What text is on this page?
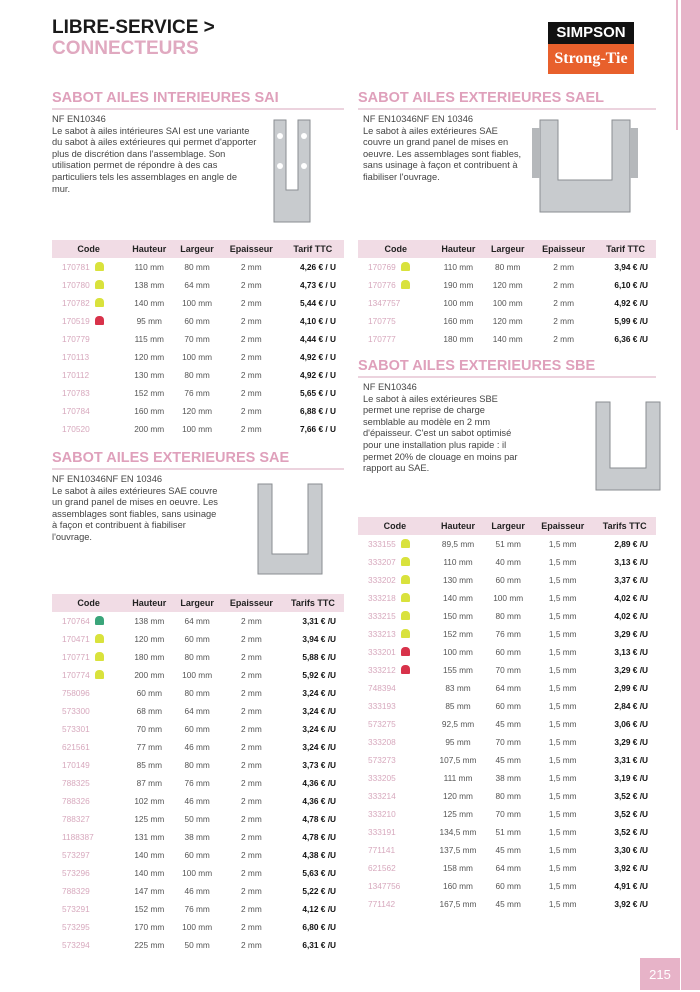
215
LIBRE-SERVICE >
CONNECTEURS
SIMPSON
Strong-Tie
SABOT AILES INTERIEURES SAI
NF EN10346
Le sabot à ailes intérieures SAI est une variante du sabot à ailes extérieures qui permet d'apporter plus de discrétion dans l'assemblage. Son utilisation permet de répondre à des cas particuliers tels les assemblages en angle de mur.
Code	Hauteur	Largeur	Epaisseur	Tarif TTC
170781	110 mm	80 mm	2 mm	4,26 € / U
170780	138 mm	64 mm	2 mm	4,73 € / U
170782	140 mm	100 mm	2 mm	5,44 € / U
170519	95 mm	60 mm	2 mm	4,10 € / U
170779	115 mm	70 mm	2 mm	4,44 € / U
170113	120 mm	100 mm	2 mm	4,92 € / U
170112	130 mm	80 mm	2 mm	4,92 € / U
170783	152 mm	76 mm	2 mm	5,65 € / U
170784	160 mm	120 mm	2 mm	6,88 € / U
170520	200 mm	100 mm	2 mm	7,66 € / U
SABOT AILES EXTERIEURES SAEL
NF EN10346NF EN 10346
Le sabot à ailes extérieures SAE couvre un grand panel de mises en oeuvre. Les assemblages sont fiables, sans usinage à façon et contribuent à fiabiliser l'ouvrage.
Code	Hauteur	Largeur	Epaisseur	Tarif TTC
170769	110 mm	80 mm	2 mm	3,94 € /U
170776	190 mm	120 mm	2 mm	6,10 € /U
1347757	100 mm	100 mm	2 mm	4,92 € /U
170775	160 mm	120 mm	2 mm	5,99 € /U
170777	180 mm	140 mm	2 mm	6,36 € /U
SABOT AILES EXTERIEURES SAE
NF EN10346NF EN 10346
Le sabot à ailes extérieures SAE couvre un grand panel de mises en oeuvre. Les assemblages sont fiables, sans usinage à façon et contribuent à fiabiliser l'ouvrage.
Code	Hauteur	Largeur	Epaisseur	Tarifs TTC
170764	138 mm	64 mm	2 mm	3,31 € /U
170471	120 mm	60 mm	2 mm	3,94 € /U
170771	180 mm	80 mm	2 mm	5,88 € /U
170774	200 mm	100 mm	2 mm	5,92 € /U
758096	60 mm	80 mm	2 mm	3,24 € /U
573300	68 mm	64 mm	2 mm	3,24 € /U
573301	70 mm	60 mm	2 mm	3,24 € /U
621561	77 mm	46 mm	2 mm	3,24 € /U
170149	85 mm	80 mm	2 mm	3,73 € /U
788325	87 mm	76 mm	2 mm	4,36 € /U
788326	102 mm	46 mm	2 mm	4,36 € /U
788327	125 mm	50 mm	2 mm	4,78 € /U
1188387	131 mm	38 mm	2 mm	4,78 € /U
573297	140 mm	60 mm	2 mm	4,38 € /U
573296	140 mm	100 mm	2 mm	5,63 € /U
788329	147 mm	46 mm	2 mm	5,22 € /U
573291	152 mm	76 mm	2 mm	4,12 € /U
573295	170 mm	100 mm	2 mm	6,80 € /U
573294	225 mm	50 mm	2 mm	6,31 € /U
SABOT AILES EXTERIEURES SBE
NF EN10346
Le sabot à ailes extérieures SBE permet une reprise de charge semblable au modèle en 2 mm d'épaisseur. C'est un sabot optimisé pour une installation plus rapide : il permet 20% de clouage en moins par rapport au SAE.
Code	Hauteur	Largeur	Epaisseur	Tarifs TTC
333155	89,5 mm	51 mm	1,5 mm	2,89 € /U
333207	110 mm	40 mm	1,5 mm	3,13 € /U
333202	130 mm	60 mm	1,5 mm	3,37 € /U
333218	140 mm	100 mm	1,5 mm	4,02 € /U
333215	150 mm	80 mm	1,5 mm	4,02 € /U
333213	152 mm	76 mm	1,5 mm	3,29 € /U
333201	100 mm	60 mm	1,5 mm	3,13 € /U
333212	155 mm	70 mm	1,5 mm	3,29 € /U
748394	83 mm	64 mm	1,5 mm	2,99 € /U
333193	85 mm	60 mm	1,5 mm	2,84 € /U
573275	92,5 mm	45 mm	1,5 mm	3,06 € /U
333208	95 mm	70 mm	1,5 mm	3,29 € /U
573273	107,5 mm	45 mm	1,5 mm	3,31 € /U
333205	111 mm	38 mm	1,5 mm	3,19 € /U
333214	120 mm	80 mm	1,5 mm	3,52 € /U
333210	125 mm	70 mm	1,5 mm	3,52 € /U
333191	134,5 mm	51 mm	1,5 mm	3,52 € /U
771141	137,5 mm	45 mm	1,5 mm	3,30 € /U
621562	158 mm	64 mm	1,5 mm	3,92 € /U
1347756	160 mm	60 mm	1,5 mm	4,91 € /U
771142	167,5 mm	45 mm	1,5 mm	3,92 € /U
